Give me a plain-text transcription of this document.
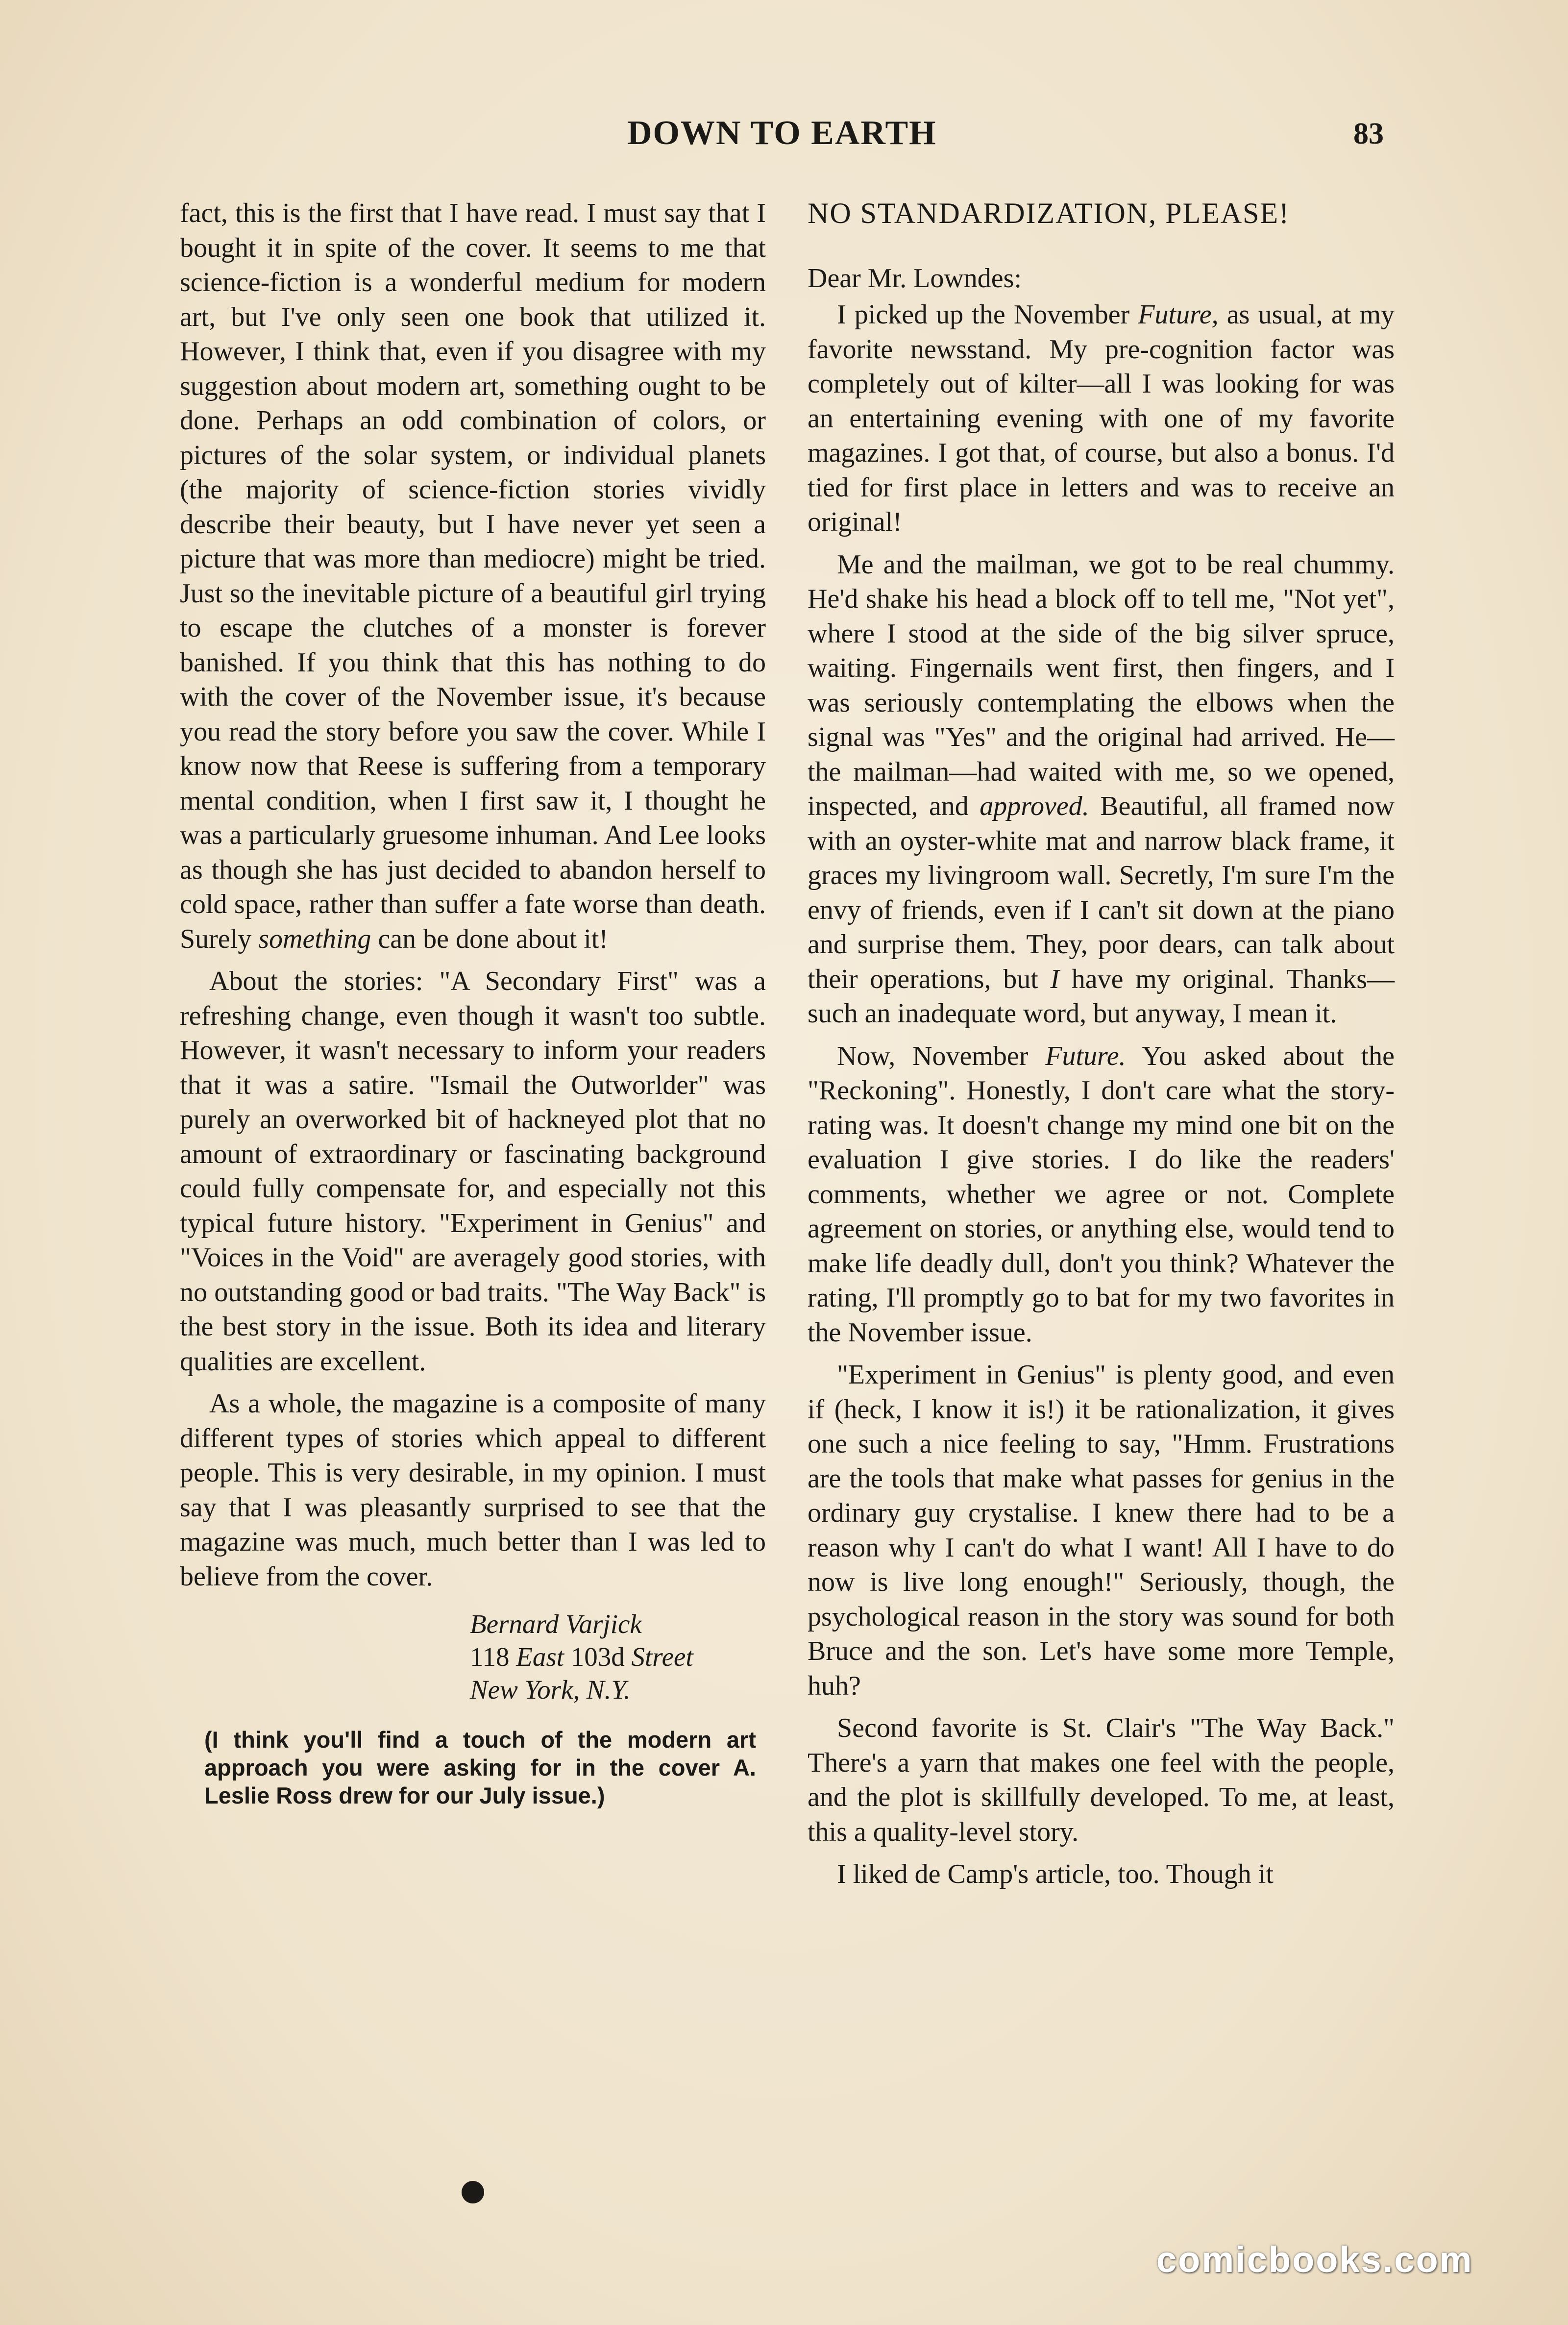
DOWN TO EARTH	83

fact, this is the first that I have read. I must say that I bought it in spite of the cover. It seems to me that science-fiction is a wonderful medium for modern art, but I've only seen one book that utilized it. However, I think that, even if you disagree with my suggestion about modern art, something ought to be done. Perhaps an odd combination of colors, or pictures of the solar system, or individual planets (the majority of science-fiction stories vividly describe their beauty, but I have never yet seen a picture that was more than mediocre) might be tried. Just so the inevitable picture of a beautiful girl trying to escape the clutches of a monster is forever banished. If you think that this has nothing to do with the cover of the November issue, it's because you read the story before you saw the cover. While I know now that Reese is suffering from a temporary mental condition, when I first saw it, I thought he was a particularly gruesome inhuman. And Lee looks as though she has just decided to abandon herself to cold space, rather than suffer a fate worse than death. Surely something can be done about it!

About the stories: "A Secondary First" was a refreshing change, even though it wasn't too subtle. However, it wasn't necessary to inform your readers that it was a satire. "Ismail the Outworlder" was purely an overworked bit of hackneyed plot that no amount of extraordinary or fascinating background could fully compensate for, and especially not this typical future history. "Experiment in Genius" and "Voices in the Void" are averagely good stories, with no outstanding good or bad traits. "The Way Back" is the best story in the issue. Both its idea and literary qualities are excellent.

As a whole, the magazine is a composite of many different types of stories which appeal to different people. This is very desirable, in my opinion. I must say that I was pleasantly surprised to see that the magazine was much, much better than I was led to believe from the cover.

Bernard Varjick
118 East 103d Street
New York, N.Y.
(I think you'll find a touch of the modern art approach you were asking for in the cover A. Leslie Ross drew for our July issue.)
NO STANDARDIZATION, PLEASE!

Dear Mr. Lowndes:

I picked up the November Future, as usual, at my favorite newsstand. My pre-cognition factor was completely out of kilter—all I was looking for was an entertaining evening with one of my favorite magazines. I got that, of course, but also a bonus. I'd tied for first place in letters and was to receive an original!

Me and the mailman, we got to be real chummy. He'd shake his head a block off to tell me, "Not yet", where I stood at the side of the big silver spruce, waiting. Fingernails went first, then fingers, and I was seriously contemplating the elbows when the signal was "Yes" and the original had arrived. He—the mailman—had waited with me, so we opened, inspected, and approved. Beautiful, all framed now with an oyster-white mat and narrow black frame, it graces my livingroom wall. Secretly, I'm sure I'm the envy of friends, even if I can't sit down at the piano and surprise them. They, poor dears, can talk about their operations, but I have my original. Thanks—such an inadequate word, but anyway, I mean it.

Now, November Future. You asked about the "Reckoning". Honestly, I don't care what the story-rating was. It doesn't change my mind one bit on the evaluation I give stories. I do like the readers' comments, whether we agree or not. Complete agreement on stories, or anything else, would tend to make life deadly dull, don't you think? Whatever the rating, I'll promptly go to bat for my two favorites in the November issue.

"Experiment in Genius" is plenty good, and even if (heck, I know it is!) it be rationalization, it gives one such a nice feeling to say, "Hmm. Frustrations are the tools that make what passes for genius in the ordinary guy crystalise. I knew there had to be a reason why I can't do what I want! All I have to do now is live long enough!" Seriously, though, the psychological reason in the story was sound for both Bruce and the son. Let's have some more Temple, huh?

Second favorite is St. Clair's "The Way Back." There's a yarn that makes one feel with the people, and the plot is skillfully developed. To me, at least, this a quality-level story.

I liked de Camp's article, too. Though it

comicbooks.com
